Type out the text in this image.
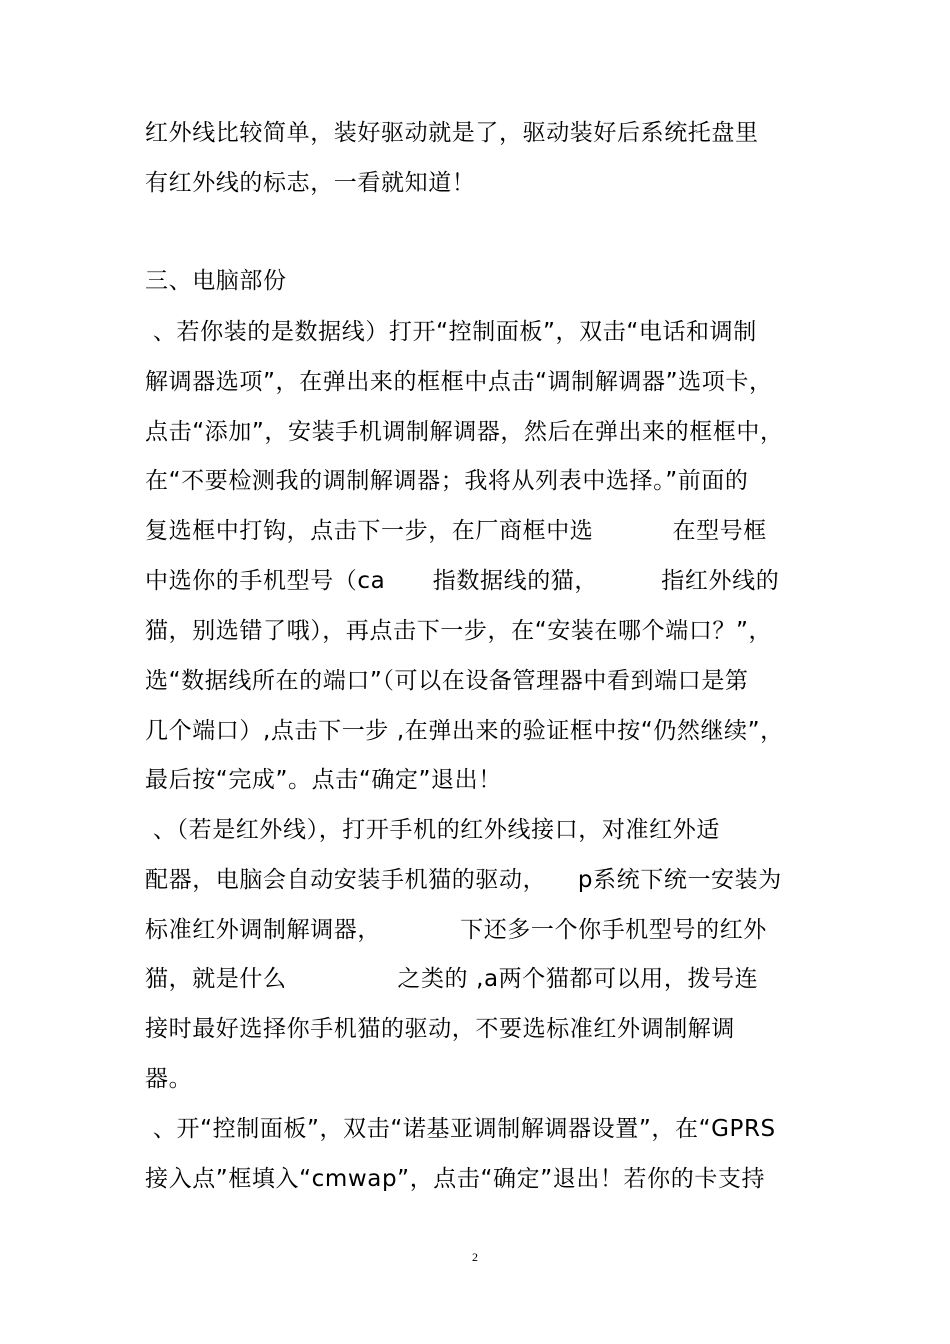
红外线比较简单，装好驱动就是了，驱动装好后系统托盘里
有红外线的标志，一看就知道！
三、电脑部份
、若你装的是数据线）打开“控制面板”，双击“电话和调制
解调器选项”，在弹出来的框框中点击“调制解调器”选项卡，
点击“添加”，安装手机调制解调器，然后在弹出来的框框中，
在“不要检测我的调制解调器；我将从列表中选择。”前面的
复选框中打钩，点击下一步，在厂商框中选          在型号框
中选你的手机型号（ca      指数据线的猫，        指红外线的
猫，别选错了哦），再点击下一步，在“安装在哪个端口？”，
选“数据线所在的端口”（可以在设备管理器中看到端口是第
几个端口）,点击下一步 ,在弹出来的验证框中按“仍然继续”，
最后按“完成”。点击“确定”退出！
、（若是红外线），打开手机的红外线接口，对准红外适
配器，电脑会自动安装手机猫的驱动，    p系统下统一安装为
标准红外调制解调器，          下还多一个你手机型号的红外
猫，就是什么              之类的 ,a两个猫都可以用，拨号连
接时最好选择你手机猫的驱动，不要选标准红外调制解调
器。
、开“控制面板”，双击“诺基亚调制解调器设置”，在“GPRS
接入点”框填入“cmwap”，点击“确定”退出！若你的卡支持
2
